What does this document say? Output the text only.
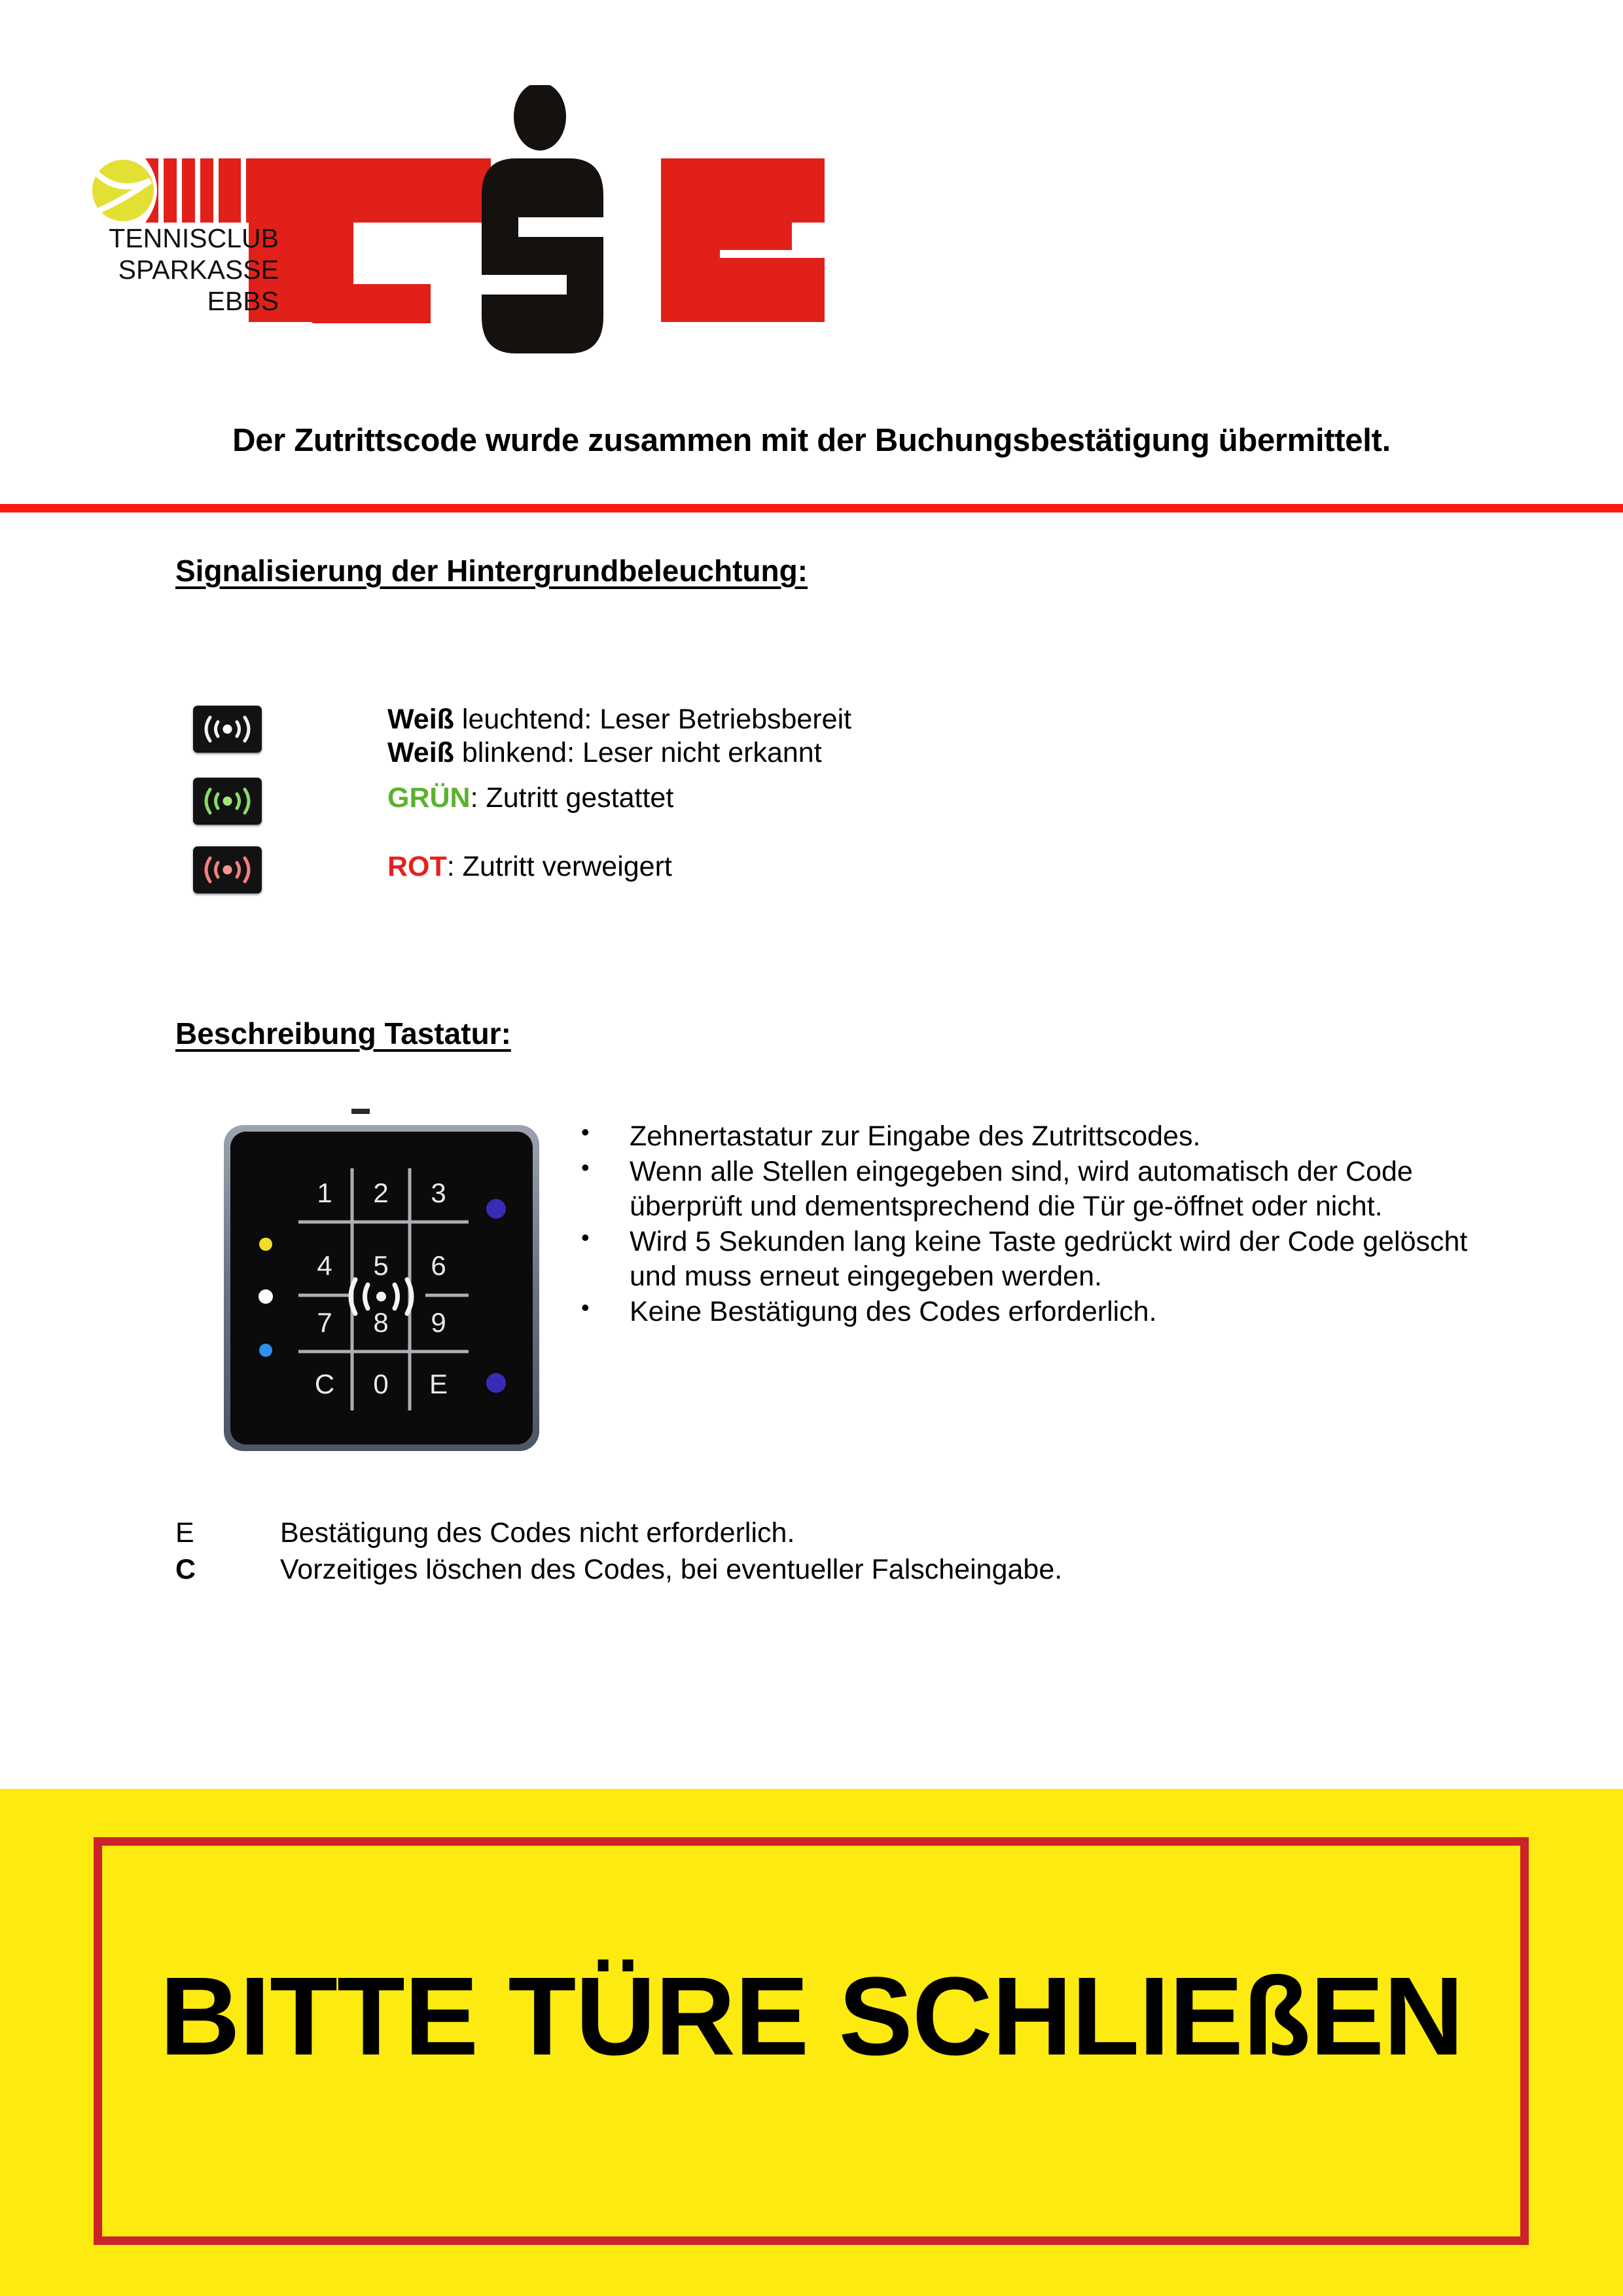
TENNISCLUB
SPARKASSE
EBBS
Der Zutrittscode wurde zusammen mit der Buchungsbestätigung übermittelt.
Signalisierung der Hintergrundbeleuchtung:
Weiß leuchtend: Leser Betriebsbereit
Weiß blinkend: Leser nicht erkannt
GRÜN: Zutritt gestattet
ROT: Zutritt verweigert
Beschreibung Tastatur:
1 2 3
4 5 6
7 8 9
C 0 E
• Zehnertastatur zur Eingabe des Zutrittscodes.
• Wenn alle Stellen eingegeben sind, wird automatisch der Code überprüft und dementsprechend die Tür ge-öffnet oder nicht.
• Wird 5 Sekunden lang keine Taste gedrückt wird der Code gelöscht und muss erneut eingegeben werden.
• Keine Bestätigung des Codes erforderlich.
E	Bestätigung des Codes nicht erforderlich.
C	Vorzeitiges löschen des Codes, bei eventueller Falscheingabe.
BITTE TÜRE SCHLIEßEN
